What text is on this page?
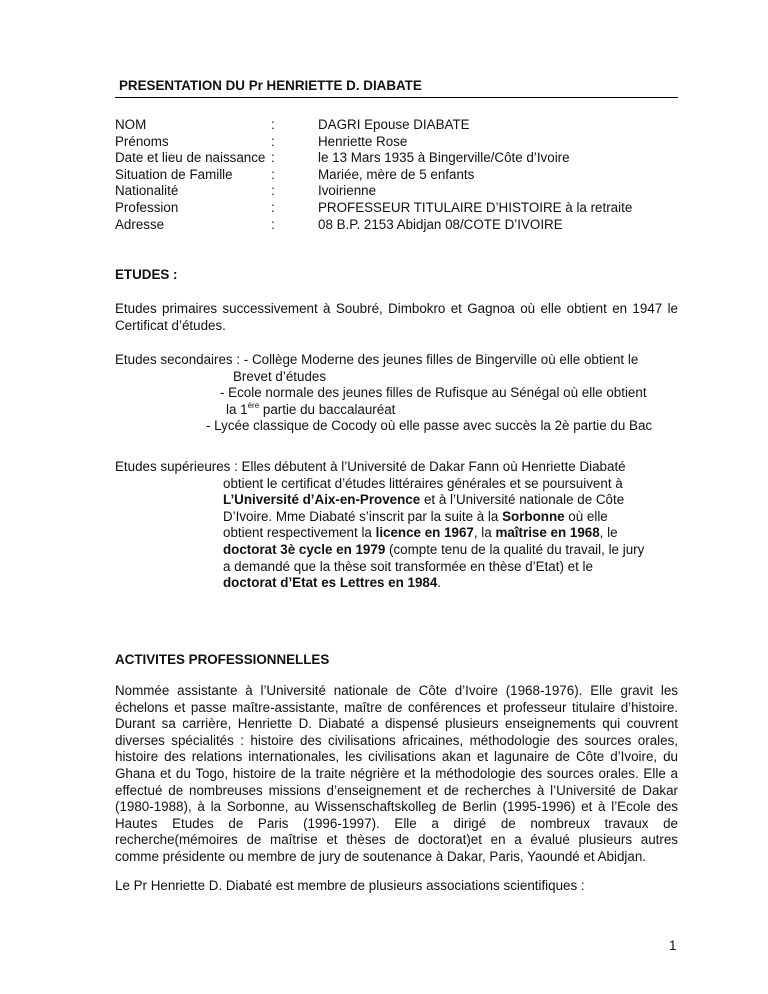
PRESENTATION DU Pr HENRIETTE D. DIABATE
NOM	:	DAGRI Epouse DIABATE
Prénoms	:	Henriette Rose
Date et lieu de naissance :	le 13 Mars 1935 à Bingerville/Côte d’Ivoire
Situation de Famille	:	Mariée, mère de 5 enfants
Nationalité	:	Ivoirienne
Profession	:	PROFESSEUR TITULAIRE D’HISTOIRE à la retraite
Adresse	:	08 B.P. 2153 Abidjan 08/COTE D’IVOIRE
ETUDES :
Etudes primaires successivement à Soubré, Dimbokro et Gagnoa où elle obtient en 1947 le
Certificat d’études.
Etudes secondaires : - Collège Moderne des jeunes filles de Bingerville où elle obtient le
Brevet d’études
- Ecole normale des jeunes filles de Rufisque au Sénégal où elle obtient
la 1ère partie du baccalauréat
- Lycée classique de Cocody où elle passe avec succès la 2è partie du Bac
Etudes supérieures : Elles débutent à l’Université de Dakar Fann où Henriette Diabaté
obtient le certificat d’études littéraires générales et se poursuivent à
L’Université d’Aix-en-Provence et à l’Université nationale de Côte
D’Ivoire. Mme Diabaté s’inscrit par la suite à la Sorbonne où elle
obtient respectivement la licence en 1967, la maîtrise en 1968, le
doctorat 3è cycle en 1979 (compte tenu de la qualité du travail, le jury
a demandé que la thèse soit transformée en thèse d’Etat) et le
doctorat d’Etat es Lettres en 1984.
ACTIVITES PROFESSIONNELLES
Nommée assistante à l’Université nationale de Côte d’Ivoire (1968-1976). Elle gravit les
échelons et passe maître-assistante, maître de conférences et professeur titulaire d’histoire.
Durant sa carrière, Henriette D. Diabaté a dispensé plusieurs enseignements qui couvrent
diverses spécialités : histoire des civilisations africaines, méthodologie des sources orales,
histoire des relations internationales, les civilisations akan et lagunaire de Côte d’Ivoire, du
Ghana et du Togo, histoire de la traite négrière et la méthodologie des sources orales. Elle a
effectué de nombreuses missions d’enseignement et de recherches à l’Université de Dakar
(1980-1988), à la Sorbonne, au Wissenschaftskolleg de Berlin (1995-1996) et à l’Ecole des
Hautes Etudes de Paris (1996-1997). Elle a dirigé de nombreux travaux de
recherche(mémoires de maîtrise et thèses de doctorat)et en a évalué plusieurs autres
comme présidente ou membre de jury de soutenance à Dakar, Paris, Yaoundé et Abidjan.
Le Pr Henriette D. Diabaté est membre de plusieurs associations scientifiques :
1
